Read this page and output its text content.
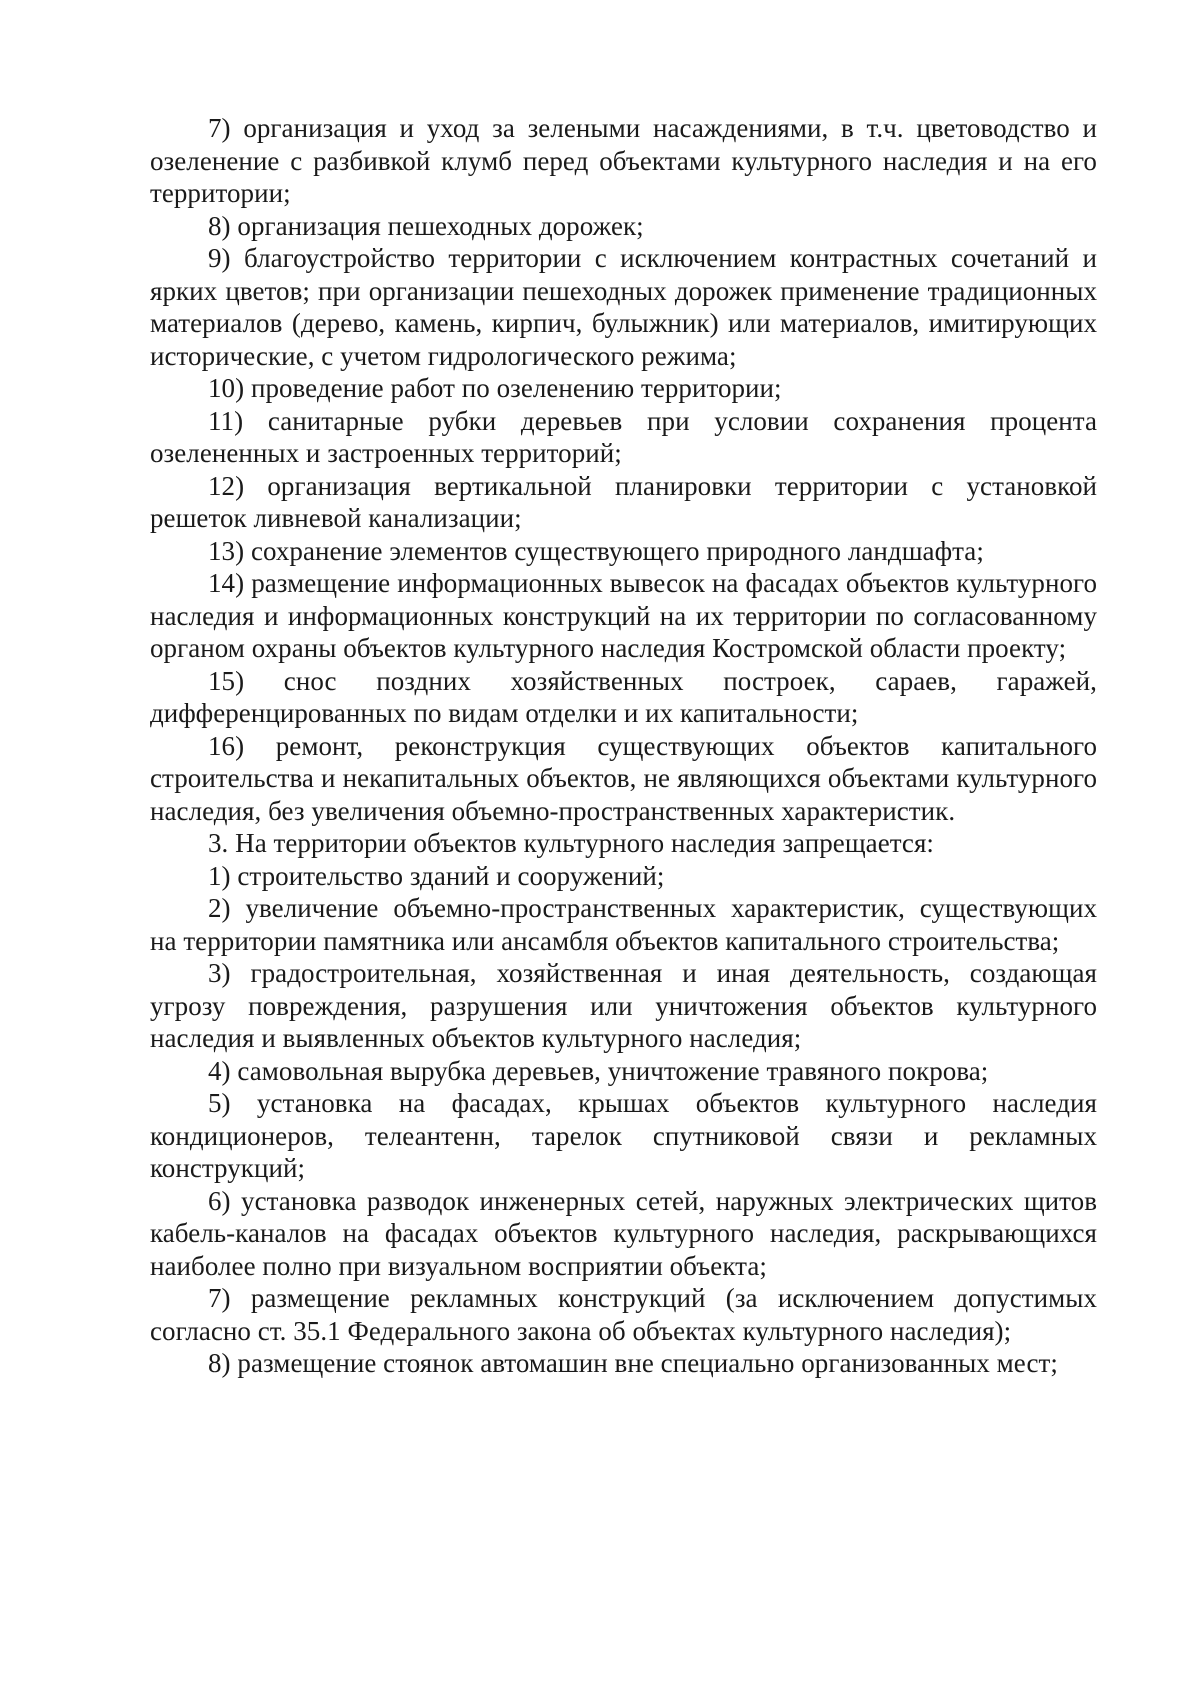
7) организация и уход за зелеными насаждениями, в т.ч. цветоводство и озеленение с разбивкой клумб перед объектами культурного наследия и на его территории;

8) организация пешеходных дорожек;

9) благоустройство территории с исключением контрастных сочетаний и ярких цветов; при организации пешеходных дорожек применение традиционных материалов (дерево, камень, кирпич, булыжник) или материалов, имитирующих исторические, с учетом гидрологического режима;

10) проведение работ по озеленению территории;

11) санитарные рубки деревьев при условии сохранения процента озелененных и застроенных территорий;

12) организация вертикальной планировки территории с установкой решеток ливневой канализации;

13) сохранение элементов существующего природного ландшафта;

14) размещение информационных вывесок на фасадах объектов культурного наследия и информационных конструкций на их территории по согласованному органом охраны объектов культурного наследия Костромской области проекту;

15) снос поздних хозяйственных построек, сараев, гаражей, дифференцированных по видам отделки и их капитальности;

16) ремонт, реконструкция существующих объектов капитального строительства и некапитальных объектов, не являющихся объектами культурного наследия, без увеличения объемно-пространственных характеристик.

3. На территории объектов культурного наследия запрещается:

1) строительство зданий и сооружений;

2) увеличение объемно-пространственных характеристик, существующих на территории памятника или ансамбля объектов капитального строительства;

3) градостроительная, хозяйственная и иная деятельность, создающая угрозу повреждения, разрушения или уничтожения объектов культурного наследия и выявленных объектов культурного наследия;

4) самовольная вырубка деревьев, уничтожение травяного покрова;

5) установка на фасадах, крышах объектов культурного наследия кондиционеров, телеантенн, тарелок спутниковой связи и рекламных конструкций;

6) установка разводок инженерных сетей, наружных электрических щитов кабель-каналов на фасадах объектов культурного наследия, раскрывающихся наиболее полно при визуальном восприятии объекта;

7) размещение рекламных конструкций (за исключением допустимых согласно ст. 35.1 Федерального закона об объектах культурного наследия);

8) размещение стоянок автомашин вне специально организованных мест;
